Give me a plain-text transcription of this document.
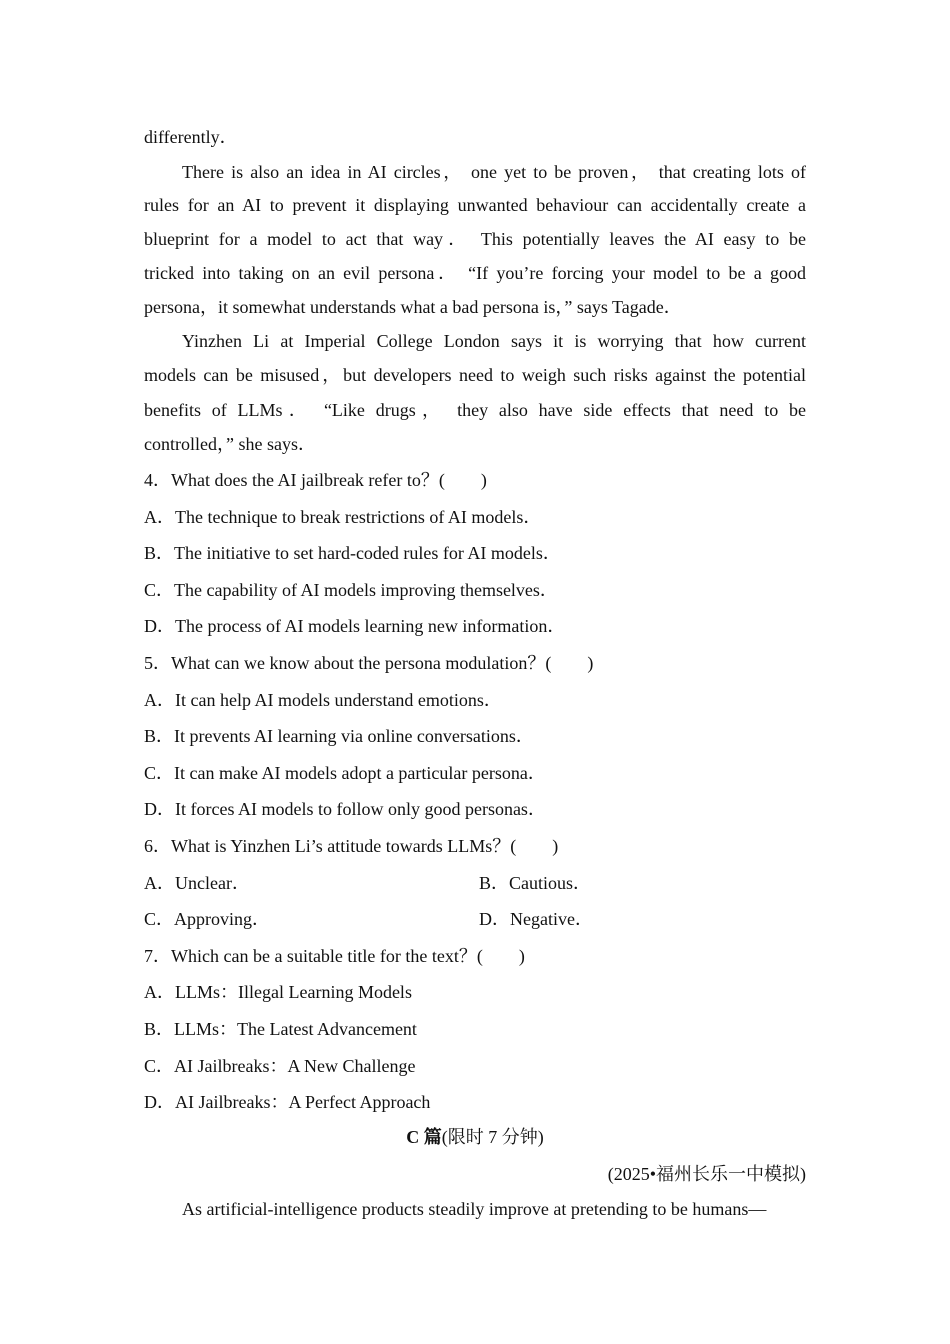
differently．
There is also an idea in AI circles， one yet to be proven， that creating lots of
rules for an AI to prevent it displaying unwanted behaviour can accidentally create a
blueprint for a model to act that way． This potentially leaves the AI easy to be
tricked into taking on an evil persona． “If you’re forcing your model to be a good
persona，it somewhat understands what a bad persona is，” says Tagade．
Yinzhen Li at Imperial College London says it is worrying that how current
models can be misused，but developers need to weigh such risks against the potential
benefits of LLMs． “Like drugs， they also have side effects that need to be
controlled，” she says．
4．What does the AI jailbreak refer to？(　　)
A．The technique to break restrictions of AI models．
B．The initiative to set hard-coded rules for AI models．
C．The capability of AI models improving themselves．
D．The process of AI models learning new information．
5．What can we know about the persona modulation？(　　)
A．It can help AI models understand emotions．
B．It prevents AI learning via online conversations．
C．It can make AI models adopt a particular persona．
D．It forces AI models to follow only good personas．
6．What is Yinzhen Li’s attitude towards LLMs？(　　)
A．Unclear．	B．Cautious．
C．Approving．	D．Negative．
7．Which can be a suitable title for the text？(　　)
A．LLMs：Illegal Learning Models
B．LLMs：The Latest Advancement
C．AI Jailbreaks：A New Challenge
D．AI Jailbreaks：A Perfect Approach
C 篇(限时 7 分钟)
(2025•福州长乐一中模拟)
As artificial-intelligence products steadily improve at pretending to be humans—
